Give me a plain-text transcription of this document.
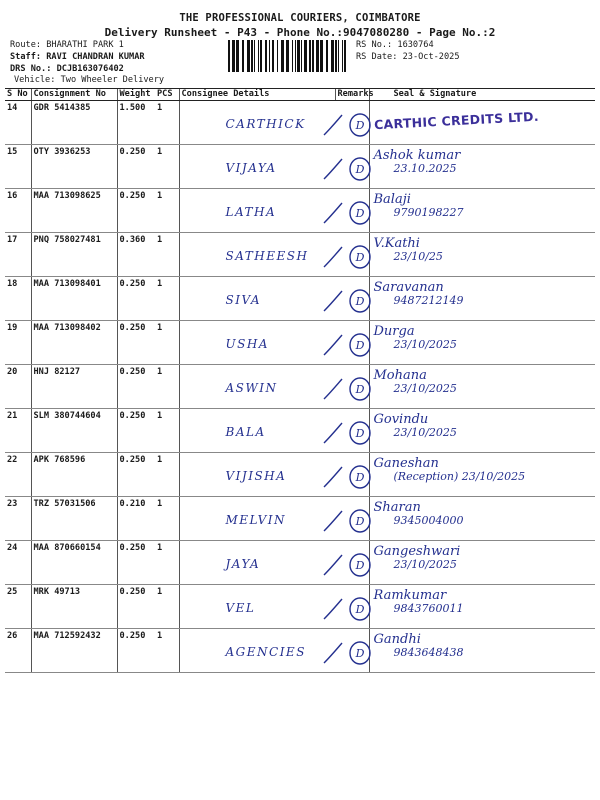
THE PROFESSIONAL COURIERS, COIMBATORE
Delivery Runsheet - P43 - Phone No.:9047080280 - Page No.:2
Route: BHARATHI PARK 1
Staff: RAVI CHANDRAN KUMAR
DRS No.: DCJB163076402
Vehicle: Two Wheeler Delivery
RS No.: 1630764
RS Date: 23-Oct-2025
S No	Consignment No	Weight	PCS	Consignee Details	Remarks	Seal & Signature
14	GDR 5414385	1.500	1	CARTHICK D		CARTHIC CREDITS LTD.

15	OTY 3936253	0.250	1	VIJAYA D		Ashok kumar
23.10.2025

16	MAA 713098625	0.250	1	LATHA D		Balaji
9790198227

17	PNQ 758027481	0.360	1	SATHEESH D		V.Kathi
23/10/25

18	MAA 713098401	0.250	1	SIVA D		Saravanan
9487212149

19	MAA 713098402	0.250	1	USHA D		Durga
23/10/2025

20	HNJ 82127	0.250	1	ASWIN D		Mohana
23/10/2025

21	SLM 380744604	0.250	1	BALA D		Govindu
23/10/2025

22	APK 768596	0.250	1	VIJISHA D		Ganeshan
(Reception) 23/10/2025

23	TRZ 57031506	0.210	1	MELVIN D		Sharan
9345004000

24	MAA 870660154	0.250	1	JAYA D		Gangeshwari
23/10/2025

25	MRK 49713	0.250	1	VEL D		Ramkumar
9843760011

26	MAA 712592432	0.250	1	AGENCIES D		Gandhi
9843648438
